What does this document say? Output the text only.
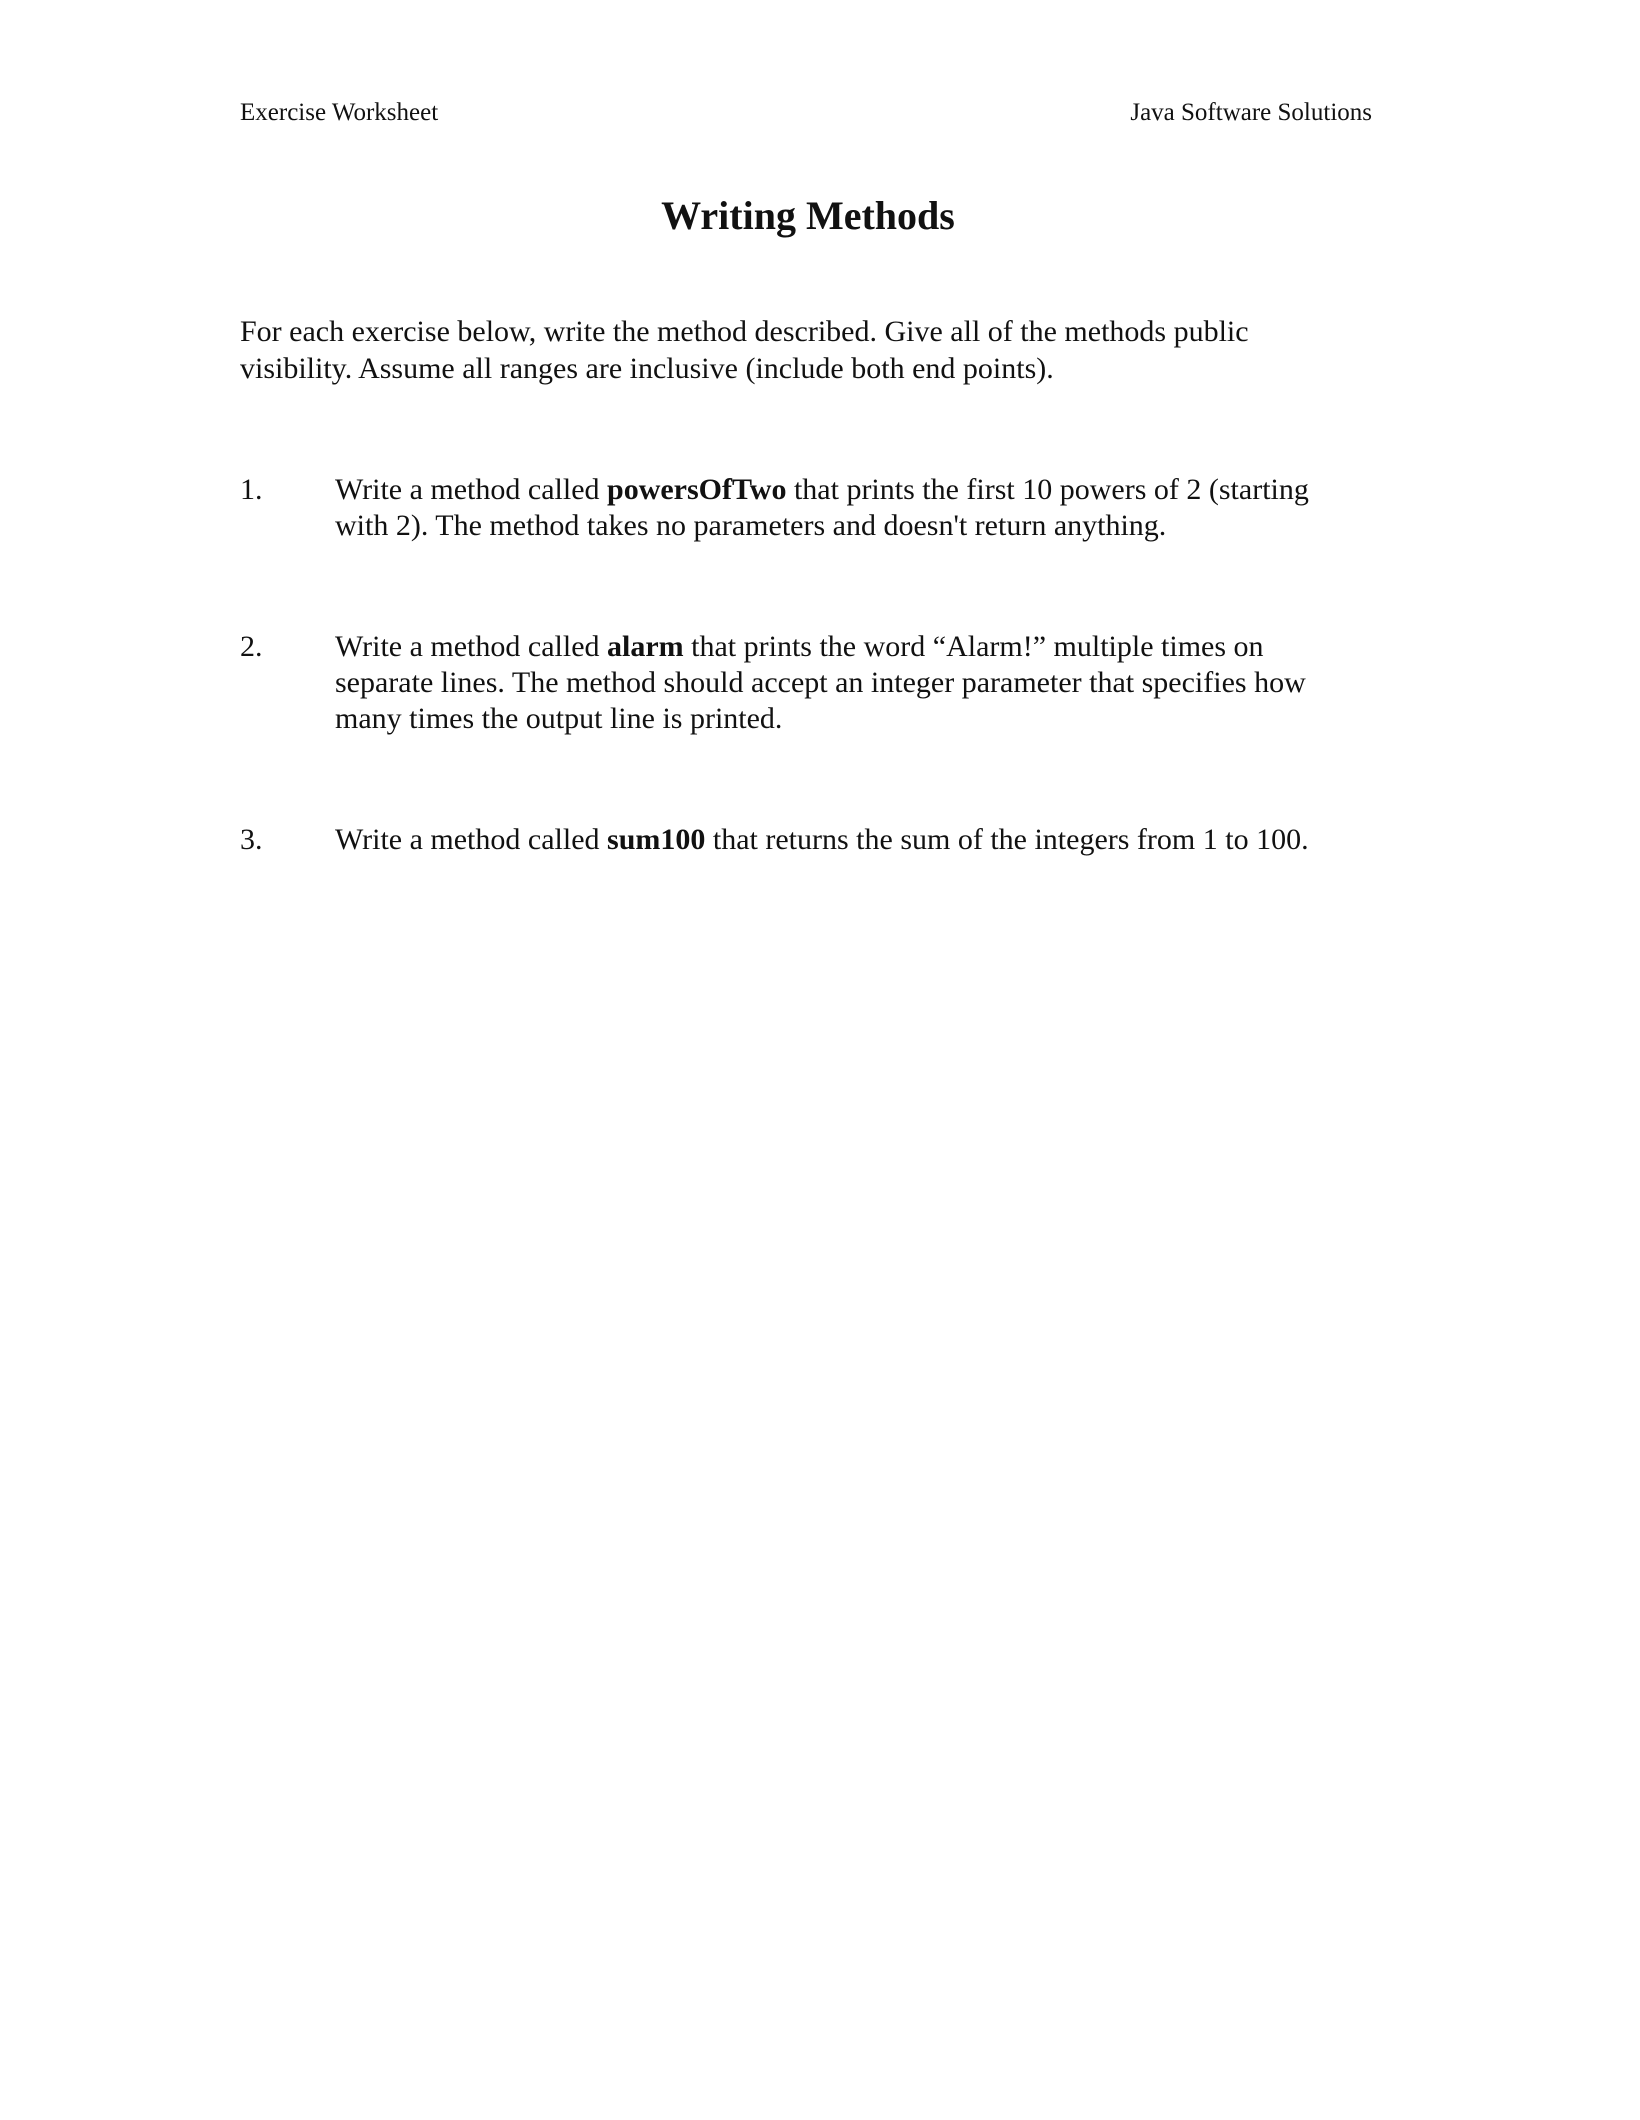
Exercise Worksheet	Java Software Solutions
Writing Methods
For each exercise below, write the method described. Give all of the methods public
visibility. Assume all ranges are inclusive (include both end points).
1. Write a method called powersOfTwo that prints the first 10 powers of 2 (starting
with 2). The method takes no parameters and doesn't return anything.
2. Write a method called alarm that prints the word “Alarm!” multiple times on
separate lines. The method should accept an integer parameter that specifies how
many times the output line is printed.
3. Write a method called sum100 that returns the sum of the integers from 1 to 100.
